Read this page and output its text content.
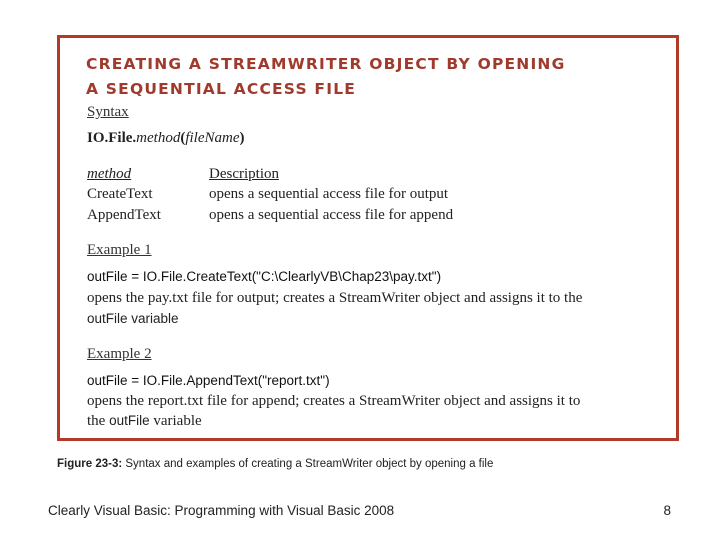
CREATING A STREAMWRITER OBJECT BY OPENING
A SEQUENTIAL ACCESS FILE

Syntax
IO.File.method(fileName)
method	Description
CreateText	opens a sequential access file for output
AppendText	opens a sequential access file for append
Example 1
outFile = IO.File.CreateText("C:\ClearlyVB\Chap23\pay.txt")
opens the pay.txt file for output; creates a StreamWriter object and assigns it to the
outFile variable
Example 2
outFile = IO.File.AppendText("report.txt")
opens the report.txt file for append; creates a StreamWriter object and assigns it to
the outFile variable
Figure 23-3: Syntax and examples of creating a StreamWriter object by opening a file
Clearly Visual Basic: Programming with Visual Basic 2008	8
